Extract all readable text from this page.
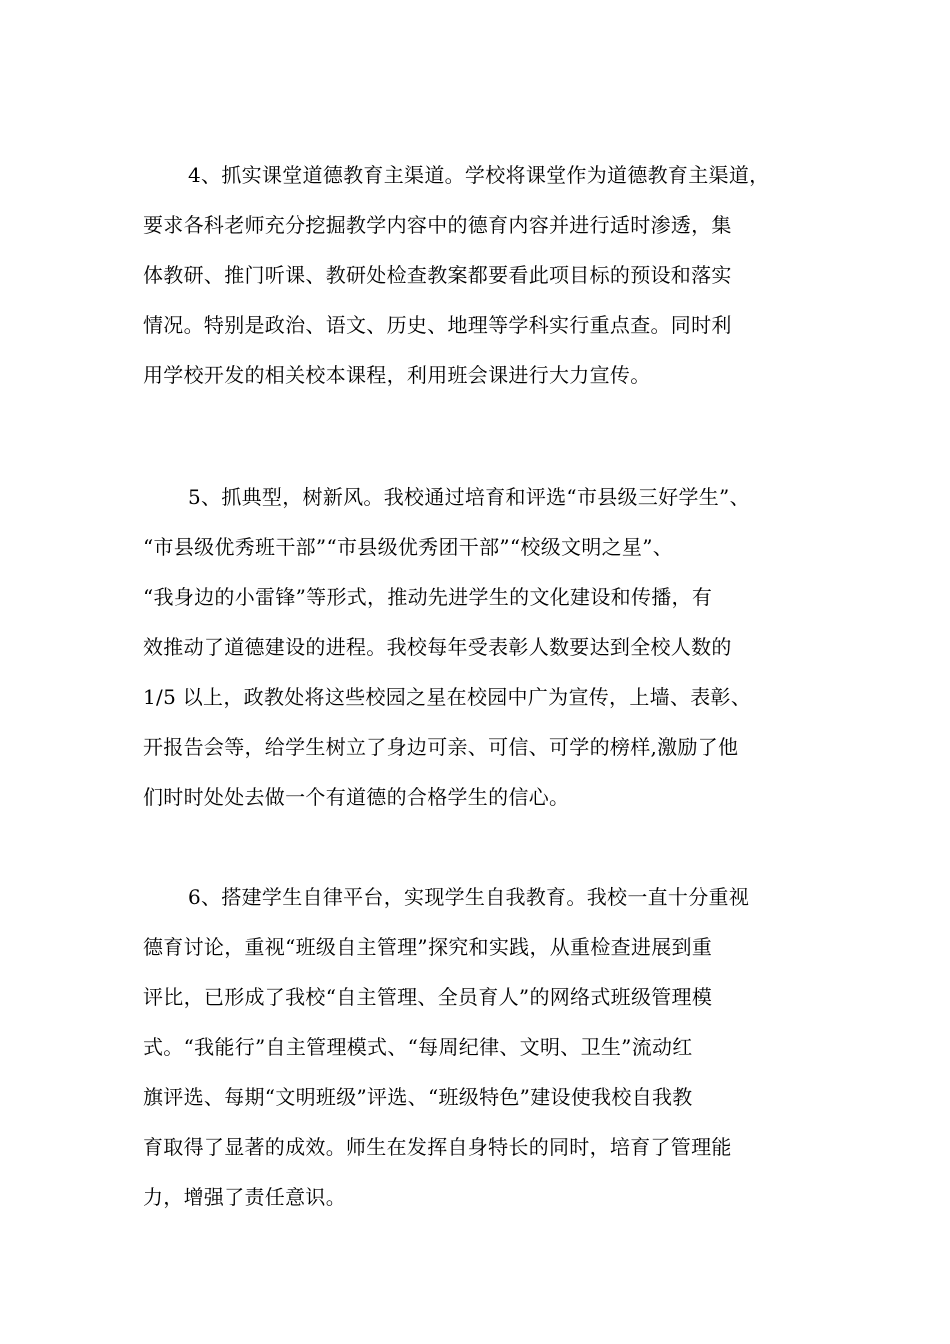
4、抓实课堂道德教育主渠道。学校将课堂作为道德教育主渠道，
要求各科老师充分挖掘教学内容中的德育内容并进行适时渗透，集
体教研、推门听课、教研处检查教案都要看此项目标的预设和落实
情况。特别是政治、语文、历史、地理等学科实行重点查。同时利
用学校开发的相关校本课程，利用班会课进行大力宣传。
5、抓典型，树新风。我校通过培育和评选“市县级三好学生”、
“市县级优秀班干部”“市县级优秀团干部”“校级文明之星”、
“我身边的小雷锋”等形式，推动先进学生的文化建设和传播，有
效推动了道德建设的进程。我校每年受表彰人数要达到全校人数的
1/5 以上，政教处将这些校园之星在校园中广为宣传，上墙、表彰、
开报告会等，给学生树立了身边可亲、可信、可学的榜样,激励了他
们时时处处去做一个有道德的合格学生的信心。
6、搭建学生自律平台，实现学生自我教育。我校一直十分重视
德育讨论，重视“班级自主管理”探究和实践，从重检查进展到重
评比，已形成了我校“自主管理、全员育人”的网络式班级管理模
式。“我能行”自主管理模式、“每周纪律、文明、卫生”流动红
旗评选、每期“文明班级”评选、“班级特色”建设使我校自我教
育取得了显著的成效。师生在发挥自身特长的同时，培育了管理能
力，增强了责任意识。
